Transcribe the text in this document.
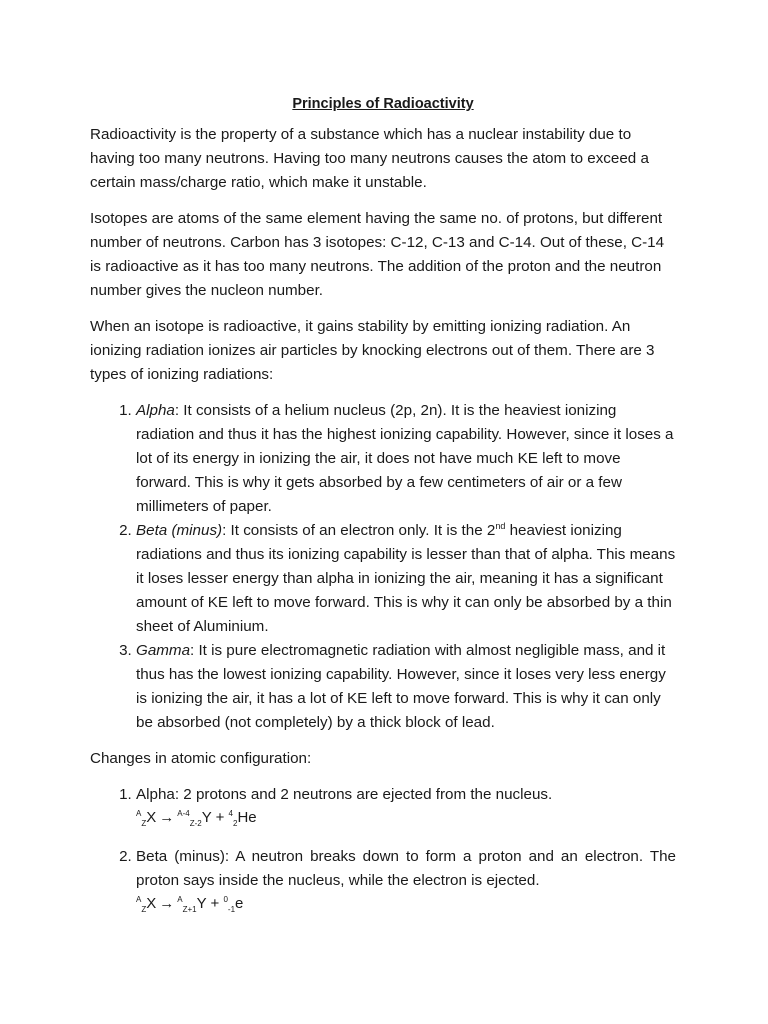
Principles of Radioactivity

Radioactivity is the property of a substance which has a nuclear instability due to having too many neutrons. Having too many neutrons causes the atom to exceed a certain mass/charge ratio, which make it unstable.

Isotopes are atoms of the same element having the same no. of protons, but different number of neutrons. Carbon has 3 isotopes: C-12, C-13 and C-14. Out of these, C-14 is radioactive as it has too many neutrons. The addition of the proton and the neutron number gives the nucleon number.

When an isotope is radioactive, it gains stability by emitting ionizing radiation. An ionizing radiation ionizes air particles by knocking electrons out of them. There are 3 types of ionizing radiations:

1. Alpha: It consists of a helium nucleus (2p, 2n). It is the heaviest ionizing radiation and thus it has the highest ionizing capability. However, since it loses a lot of its energy in ionizing the air, it does not have much KE left to move forward. This is why it gets absorbed by a few centimeters of air or a few millimeters of paper.
2. Beta (minus): It consists of an electron only. It is the 2nd heaviest ionizing radiations and thus its ionizing capability is lesser than that of alpha. This means it loses lesser energy than alpha in ionizing the air, meaning it has a significant amount of KE left to move forward. This is why it can only be absorbed by a thin sheet of Aluminium.
3. Gamma: It is pure electromagnetic radiation with almost negligible mass, and it thus has the lowest ionizing capability. However, since it loses very less energy is ionizing the air, it has a lot of KE left to move forward. This is why it can only be absorbed (not completely) by a thick block of lead.

Changes in atomic configuration:

1. Alpha: 2 protons and 2 neutrons are ejected from the nucleus.
$^A_Z$X → $^{A-4}_{Z-2}$Y + $^4_2$He
2. Beta (minus): A neutron breaks down to form a proton and an electron. The proton says inside the nucleus, while the electron is ejected.
$^A_Z$X → $^A_{Z+1}$Y + $^0_{-1}$e
